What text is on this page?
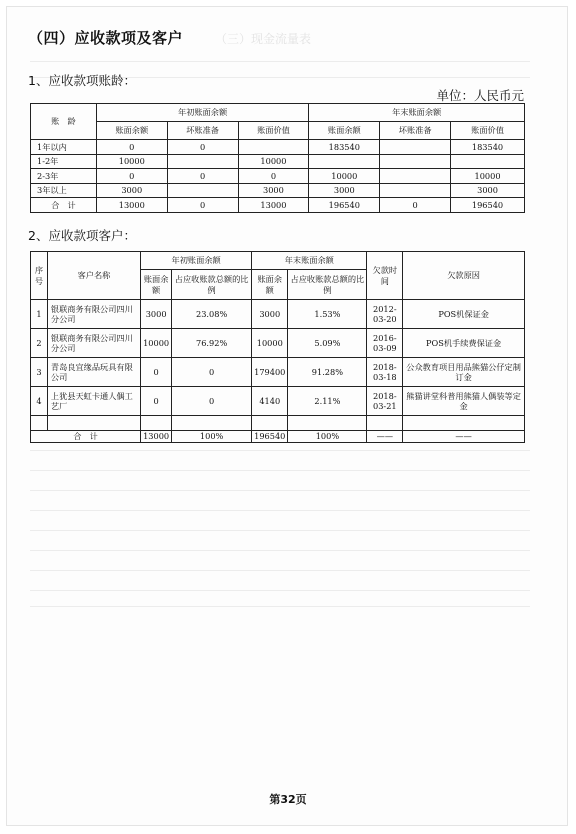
（三）现金流量表
（四）应收款项及客户

1、应收款项账龄：

单位：人民币元
账　龄	年初账面余额			年末账面余额		
	账面余额	坏账准备	账面价值	账面余额	坏账准备	账面价值
1年以内	0	0		183540		183540
1-2年	10000		10000			
2-3年	0	0	0	10000		10000
3年以上	3000		3000	3000		3000
合　计	13000	0	13000	196540	0	196540

2、应收款项客户：

序号	客户名称	年初账面余额		年末账面余额		欠款时间	欠款原因
		账面余额	占应收账款总额的比例	账面余额	占应收账款总额的比例		
1	银联商务有限公司四川分公司	3000	23.08%	3000	1.53%	2012-03-20	POS机保证金
2	银联商务有限公司四川分公司	10000	76.92%	10000	5.09%	2016-03-09	POS机手续费保证金
3	青岛良宜缘品玩具有限公司	0	0	179400	91.28%	2018-03-18	公众教育项目用品熊猫公仔定制订金
4	上犹县天虹卡通人偶工艺厂	0	0	4140	2.11%	2018-03-21	熊猫讲堂科普用熊猫人偶装等定金

合　计		13000	100%	196540	100%	——	——
第32页
